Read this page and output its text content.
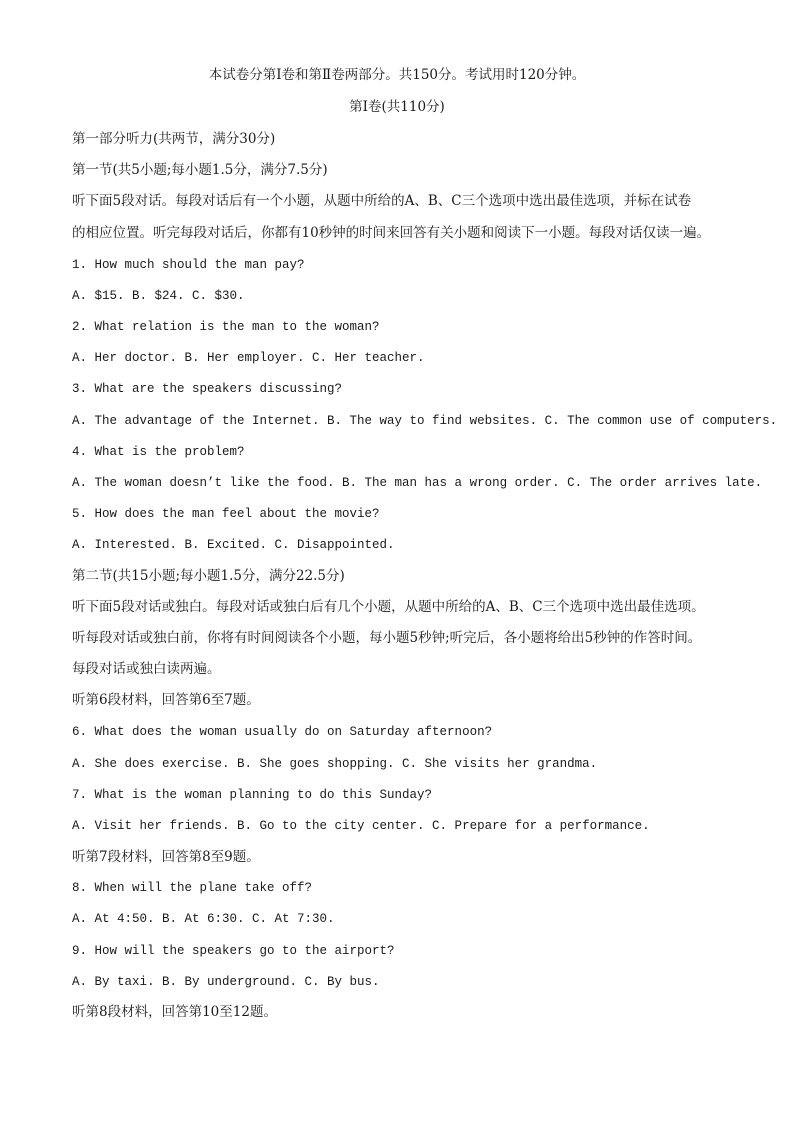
本试卷分第Ⅰ卷和第Ⅱ卷两部分。共150分。考试用时120分钟。
第Ⅰ卷(共110分)
第一部分听力(共两节，满分30分)
第一节(共5小题;每小题1.5分，满分7.5分)
听下面5段对话。每段对话后有一个小题，从题中所给的A、B、C三个选项中选出最佳选项，并标在试卷
的相应位置。听完每段对话后，你都有10秒钟的时间来回答有关小题和阅读下一小题。每段对话仅读一遍。
1. How much should the man pay?
A. $15. B. $24. C. $30.
2. What relation is the man to the woman?
A. Her doctor. B. Her employer. C. Her teacher.
3. What are the speakers discussing?
A. The advantage of the Internet. B. The way to find websites. C. The common use of computers.
4. What is the problem?
A. The woman doesn’t like the food. B. The man has a wrong order. C. The order arrives late.
5. How does the man feel about the movie?
A. Interested. B. Excited. C. Disappointed.
第二节(共15小题;每小题1.5分，满分22.5分)
听下面5段对话或独白。每段对话或独白后有几个小题，从题中所给的A、B、C三个选项中选出最佳选项。
听每段对话或独白前，你将有时间阅读各个小题，每小题5秒钟;听完后，各小题将给出5秒钟的作答时间。
每段对话或独白读两遍。
听第6段材料，回答第6至7题。
6. What does the woman usually do on Saturday afternoon?
A. She does exercise. B. She goes shopping. C. She visits her grandma.
7. What is the woman planning to do this Sunday?
A. Visit her friends. B. Go to the city center. C. Prepare for a performance.
听第7段材料，回答第8至9题。
8. When will the plane take off?
A. At 4:50. B. At 6:30. C. At 7:30.
9. How will the speakers go to the airport?
A. By taxi. B. By underground. C. By bus.
听第8段材料，回答第10至12题。
